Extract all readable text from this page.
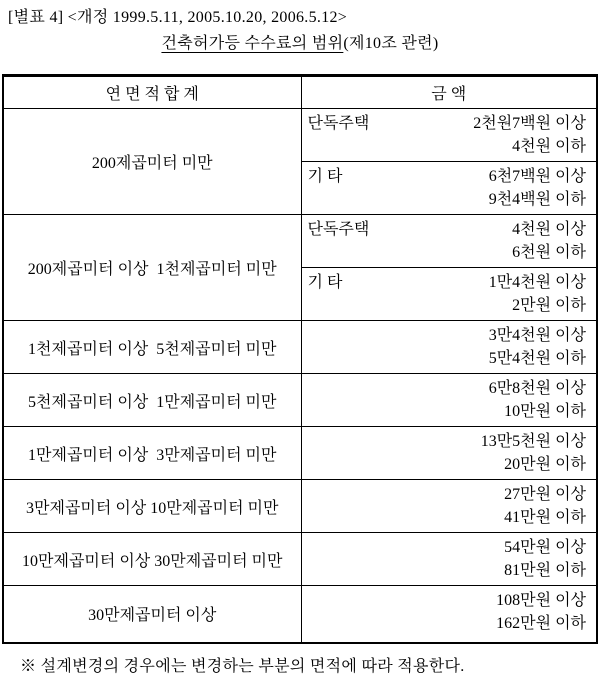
[별표 4] <개정 1999.5.11, 2005.10.20, 2006.5.12>
건축허가등 수수료의 범위(제10조 관련)
연 면 적 합 계	금 액
200제곱미터 미만	단독주택 2천원7백원 이상
4천원 이하

	기 타 6천7백원 이상
9천4백원 이하

200제곱미터 이상  1천제곱미터 미만	단독주택 4천원 이상
6천원 이하

	기 타 1만4천원 이상
2만원 이하

1천제곱미터 이상  5천제곱미터 미만	3만4천원 이상
5만4천원 이하

5천제곱미터 이상  1만제곱미터 미만	6만8천원 이상
10만원 이하

1만제곱미터 이상  3만제곱미터 미만	13만5천원 이상
20만원 이하

3만제곱미터 이상 10만제곱미터 미만	27만원 이상
41만원 이하

10만제곱미터 이상 30만제곱미터 미만	54만원 이상
81만원 이하

30만제곱미터 이상	108만원 이상
162만원 이하
※ 설계변경의 경우에는 변경하는 부분의 면적에 따라 적용한다.
